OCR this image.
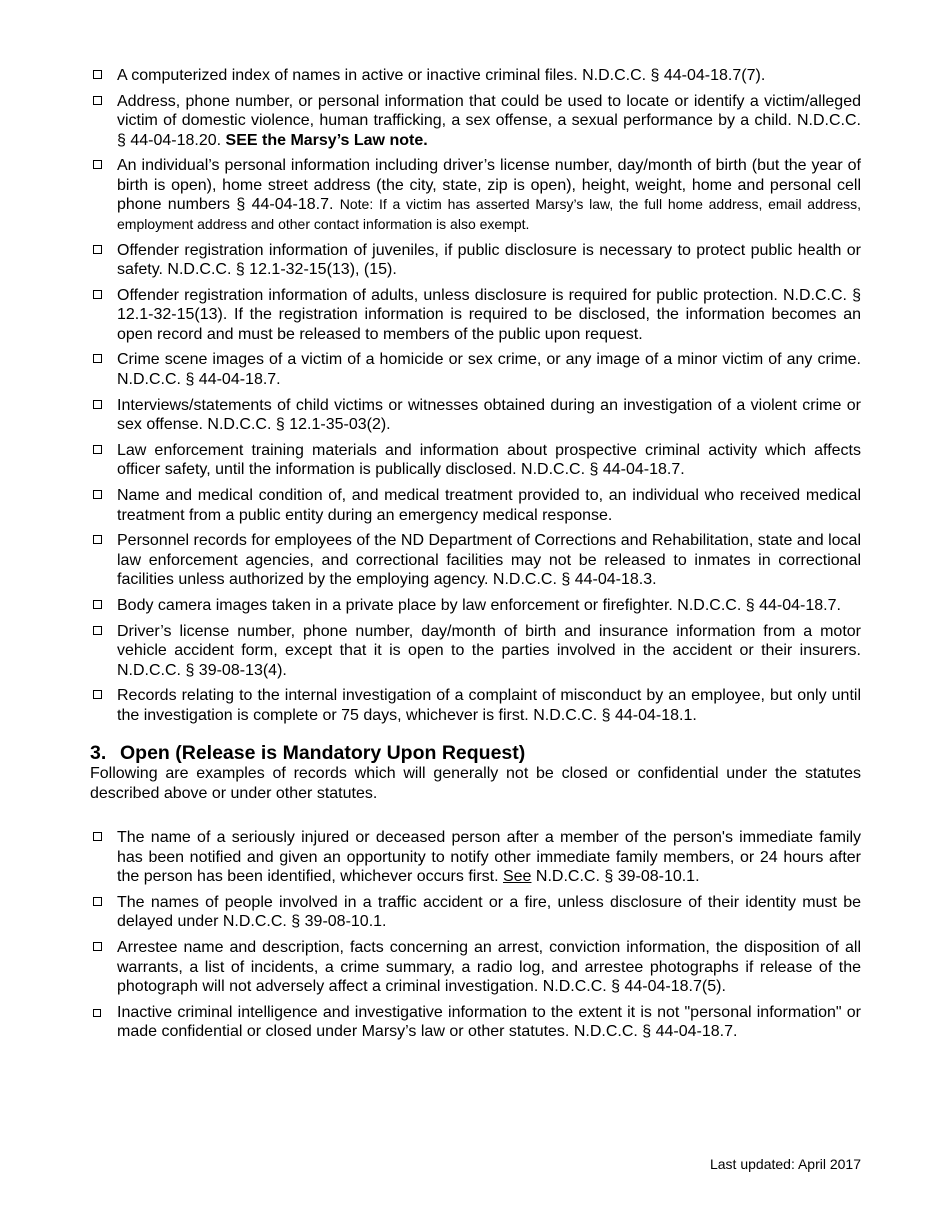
A computerized index of names in active or inactive criminal files. N.D.C.C. § 44-04-18.7(7).
Address, phone number, or personal information that could be used to locate or identify a victim/alleged victim of domestic violence, human trafficking, a sex offense, a sexual performance by a child. N.D.C.C. § 44-04-18.20. SEE the Marsy’s Law note.
An individual’s personal information including driver’s license number, day/month of birth (but the year of birth is open), home street address (the city, state, zip is open), height, weight, home and personal cell phone numbers § 44-04-18.7. Note: If a victim has asserted Marsy’s law, the full home address, email address, employment address and other contact information is also exempt.
Offender registration information of juveniles, if public disclosure is necessary to protect public health or safety. N.D.C.C. § 12.1-32-15(13), (15).
Offender registration information of adults, unless disclosure is required for public protection. N.D.C.C. § 12.1-32-15(13). If the registration information is required to be disclosed, the information becomes an open record and must be released to members of the public upon request.
Crime scene images of a victim of a homicide or sex crime, or any image of a minor victim of any crime. N.D.C.C. § 44-04-18.7.
Interviews/statements of child victims or witnesses obtained during an investigation of a violent crime or sex offense. N.D.C.C. § 12.1-35-03(2).
Law enforcement training materials and information about prospective criminal activity which affects officer safety, until the information is publically disclosed. N.D.C.C. § 44-04-18.7.
Name and medical condition of, and medical treatment provided to, an individual who received medical treatment from a public entity during an emergency medical response.
Personnel records for employees of the ND Department of Corrections and Rehabilitation, state and local law enforcement agencies, and correctional facilities may not be released to inmates in correctional facilities unless authorized by the employing agency. N.D.C.C. § 44-04-18.3.
Body camera images taken in a private place by law enforcement or firefighter. N.D.C.C. § 44-04-18.7.
Driver’s license number, phone number, day/month of birth and insurance information from a motor vehicle accident form, except that it is open to the parties involved in the accident or their insurers. N.D.C.C. § 39-08-13(4).
Records relating to the internal investigation of a complaint of misconduct by an employee, but only until the investigation is complete or 75 days, whichever is first. N.D.C.C. § 44-04-18.1.
3. Open (Release is Mandatory Upon Request)

Following are examples of records which will generally not be closed or confidential under the statutes described above or under other statutes.

The name of a seriously injured or deceased person after a member of the person's immediate family has been notified and given an opportunity to notify other immediate family members, or 24 hours after the person has been identified, whichever occurs first. See N.D.C.C. § 39-08-10.1.
The names of people involved in a traffic accident or a fire, unless disclosure of their identity must be delayed under N.D.C.C. § 39-08-10.1.
Arrestee name and description, facts concerning an arrest, conviction information, the disposition of all warrants, a list of incidents, a crime summary, a radio log, and arrestee photographs if release of the photograph will not adversely affect a criminal investigation. N.D.C.C. § 44-04-18.7(5).
Inactive criminal intelligence and investigative information to the extent it is not "personal information" or made confidential or closed under Marsy’s law or other statutes. N.D.C.C. § 44-04-18.7.
Last updated: April 2017
